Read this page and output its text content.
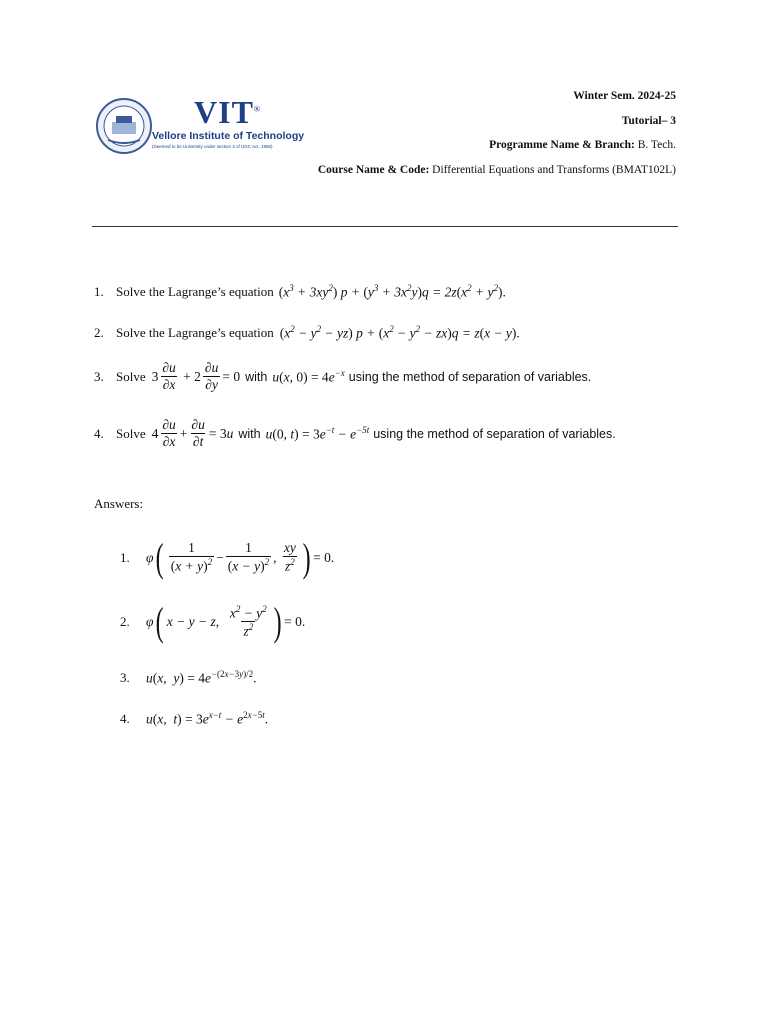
VIT®
Vellore Institute of Technology
(Deemed to be University under section 3 of UGC Act, 1956)
Winter Sem. 2024-25
Tutorial– 3
Programme Name & Branch: B. Tech.
Course Name & Code: Differential Equations and Transforms (BMAT102L)
1. Solve the Lagrange’s equation $(x^3 + 3xy^2) p + (y^3 + 3x^2y)q = 2z(x^2 + y^2)$.
2. Solve the Lagrange’s equation $(x^2 - y^2 - yz) p + (x^2 - y^2 - zx)q = z(x - y)$.
3. Solve $3 \frac{\partial u}{\partial x} + 2 \frac{\partial u}{\partial y} = 0$ with u(x, $0) = 4e^{-x}$ using the method of separation of variables.
4. Solve $4 \frac{\partial u}{\partial x} + \frac{\partial u}{\partial t} = 3$ u with u(0, $t) = 3e^{-t} - e^{-5t}$ using the method of separation of variables.
Answers:
1.	φ ( $\frac{1}{(x + y)^2} - \frac{1}{(x - y)^2}$ , $\frac{xy}{z^2}$ ) = 0.
2.	φ ( x − y − z , $\frac{x^2 - y^2}{z^2}$ ) = 0.
3.	u(x,  $y) = 4e^{-(2x-3y)/2}$.
4.	u(x,  $t) = 3e^{x-t} - e^{2x-5t}$.
